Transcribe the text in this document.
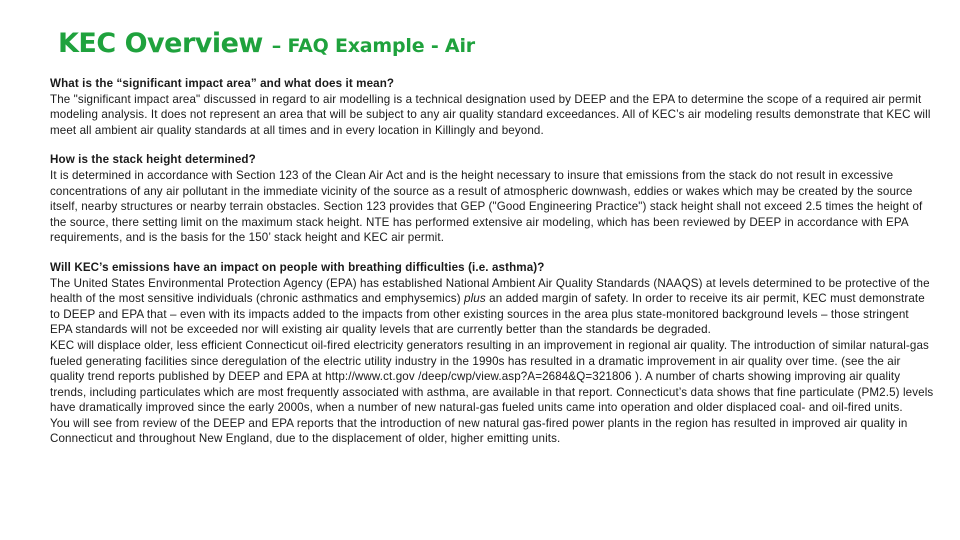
KEC Overview – FAQ Example - Air
What is the “significant impact area” and what does it mean?
The "significant impact area" discussed in regard to air modelling is a technical designation used by DEEP and the EPA to determine the scope of a required air permit modeling analysis. It does not represent an area that will be subject to any air quality standard exceedances. All of KEC’s air modeling results demonstrate that KEC will meet all ambient air quality standards at all times and in every location in Killingly and beyond.
How is the stack height determined?
It is determined in accordance with Section 123 of the Clean Air Act and is the height necessary to insure that emissions from the stack do not result in excessive concentrations of any air pollutant in the immediate vicinity of the source as a result of atmospheric downwash, eddies or wakes which may be created by the source itself, nearby structures or nearby terrain obstacles. Section 123 provides that GEP ("Good Engineering Practice") stack height shall not exceed 2.5 times the height of the source, there setting limit on the maximum stack height. NTE has performed extensive air modeling, which has been reviewed by DEEP in accordance with EPA requirements, and is the basis for the 150’ stack height and KEC air permit.
Will KEC’s emissions have an impact on people with breathing difficulties (i.e. asthma)?
The United States Environmental Protection Agency (EPA) has established National Ambient Air Quality Standards (NAAQS) at levels determined to be protective of the health of the most sensitive individuals (chronic asthmatics and emphysemics) plus an added margin of safety. In order to receive its air permit, KEC must demonstrate to DEEP and EPA that – even with its impacts added to the impacts from other existing sources in the area plus state-monitored background levels – those stringent EPA standards will not be exceeded nor will existing air quality levels that are currently better than the standards be degraded.
KEC will displace older, less efficient Connecticut oil-fired electricity generators resulting in an improvement in regional air quality. The introduction of similar natural-gas fueled generating facilities since deregulation of the electric utility industry in the 1990s has resulted in a dramatic improvement in air quality over time. (see the air quality trend reports published by DEEP and EPA at http://www.ct.gov /deep/cwp/view.asp?A=2684&Q=321806 ). A number of charts showing improving air quality trends, including particulates which are most frequently associated with asthma, are available in that report. Connecticut’s data shows that fine particulate (PM2.5) levels have dramatically improved since the early 2000s, when a number of new natural-gas fueled units came into operation and older displaced coal- and oil-fired units.
You will see from review of the DEEP and EPA reports that the introduction of new natural gas-fired power plants in the region has resulted in improved air quality in Connecticut and throughout New England, due to the displacement of older, higher emitting units.
